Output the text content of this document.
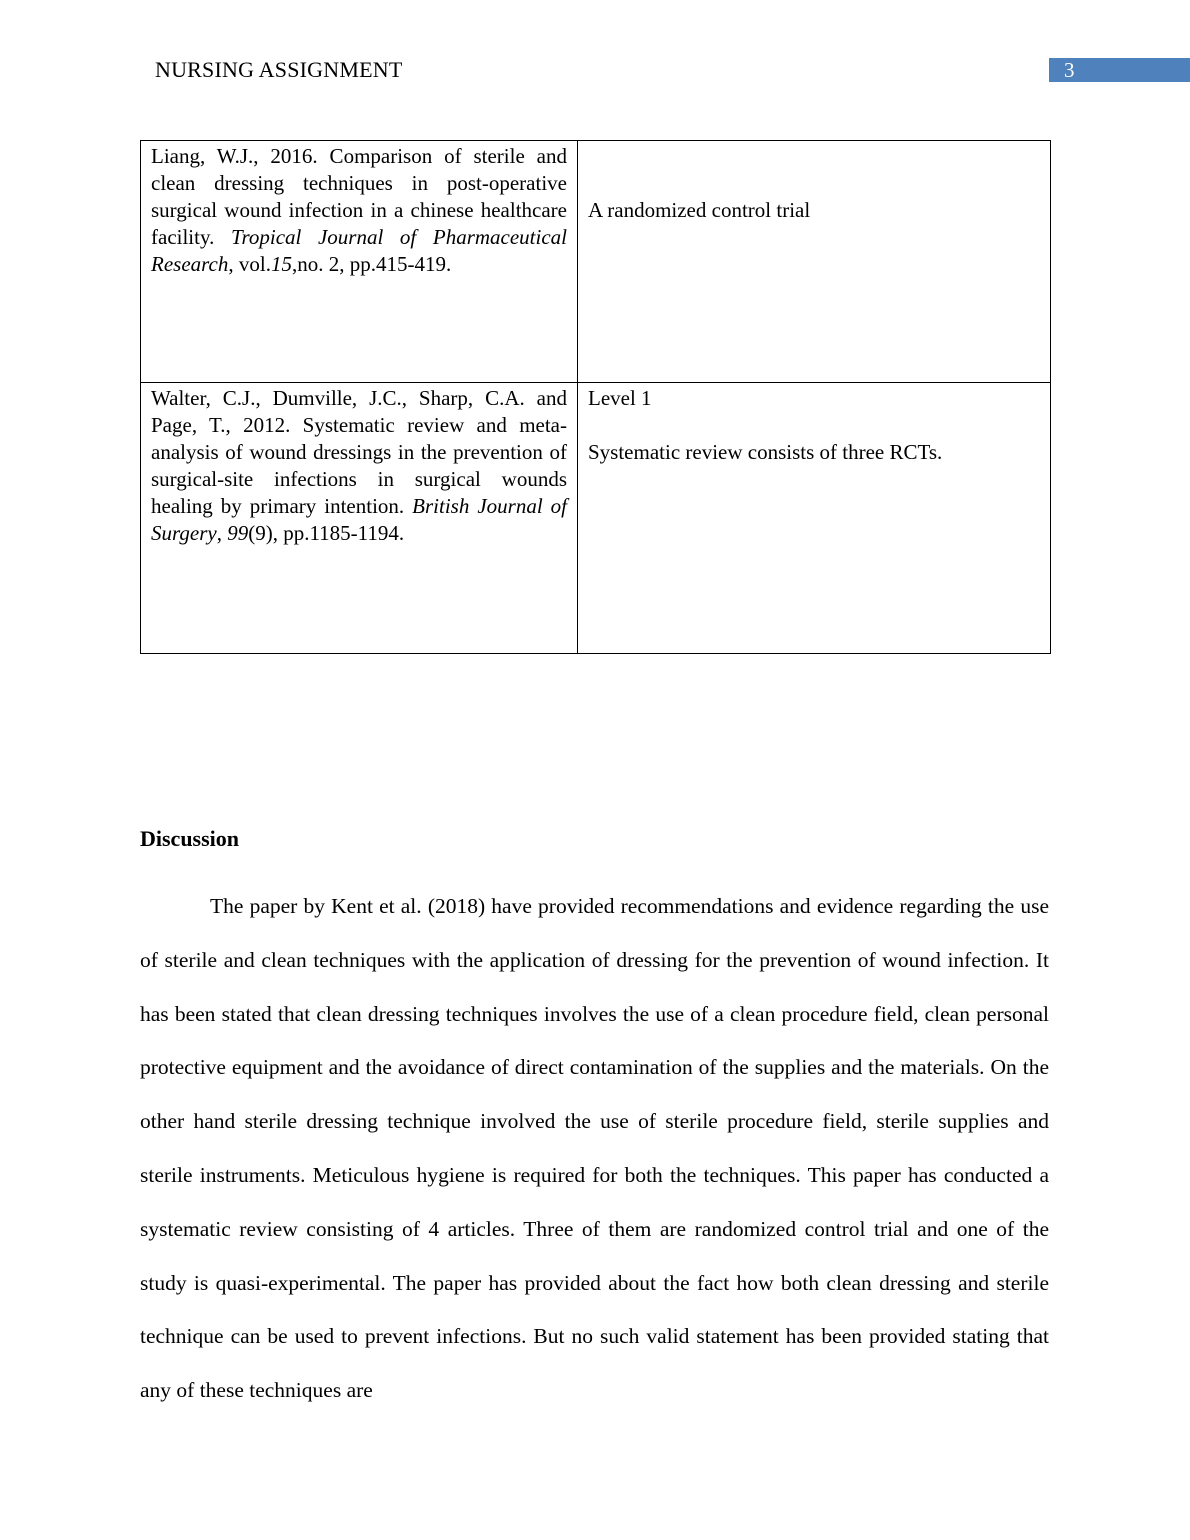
NURSING ASSIGNMENT	3

Liang, W.J., 2016. Comparison of sterile and clean dressing techniques in post-operative surgical wound infection in a chinese healthcare facility. Tropical Journal of Pharmaceutical Research, vol.15,no. 2, pp.415-419.	A randomized control trial

Walter, C.J., Dumville, J.C., Sharp, C.A. and Page, T., 2012. Systematic review and meta-analysis of wound dressings in the prevention of surgical-site infections in surgical wounds healing by primary intention. British Journal of Surgery, 99(9), pp.1185-1194.	Level 1

Systematic review consists of three RCTs.

Discussion

The paper by Kent et al. (2018) have provided recommendations and evidence regarding the use of sterile and clean techniques with the application of dressing for the prevention of wound infection. It has been stated that clean dressing techniques involves the use of a clean procedure field, clean personal protective equipment and the avoidance of direct contamination of the supplies and the materials. On the other hand sterile dressing technique involved the use of sterile procedure field, sterile supplies and sterile instruments. Meticulous hygiene is required for both the techniques. This paper has conducted a systematic review consisting of 4 articles. Three of them are randomized control trial and one of the study is quasi-experimental. The paper has provided about the fact how both clean dressing and sterile technique can be used to prevent infections. But no such valid statement has been provided stating that any of these techniques are
